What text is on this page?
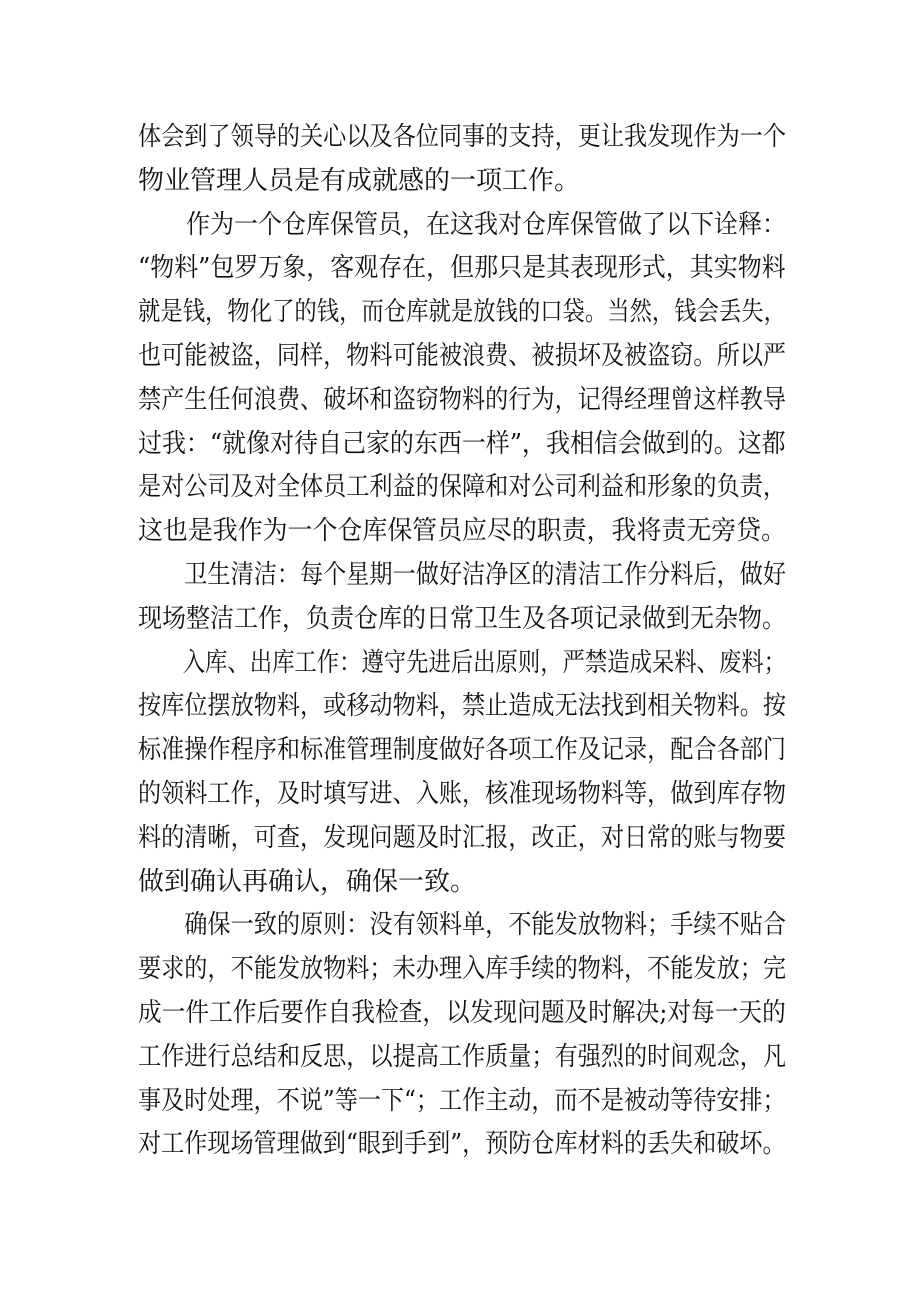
体会到了领导的关心以及各位同事的支持，更让我发现作为一个
物业管理人员是有成就感的一项工作。
作为一个仓库保管员，在这我对仓库保管做了以下诠释：
“物料”包罗万象，客观存在，但那只是其表现形式，其实物料
就是钱，物化了的钱，而仓库就是放钱的口袋。当然，钱会丢失，
也可能被盗，同样，物料可能被浪费、被损坏及被盗窃。所以严
禁产生任何浪费、破坏和盗窃物料的行为，记得经理曾这样教导
过我：“就像对待自己家的东西一样”，我相信会做到的。这都
是对公司及对全体员工利益的保障和对公司利益和形象的负责，
这也是我作为一个仓库保管员应尽的职责，我将责无旁贷。
卫生清洁：每个星期一做好洁净区的清洁工作分料后，做好
现场整洁工作，负责仓库的日常卫生及各项记录做到无杂物。
入库、出库工作：遵守先进后出原则，严禁造成呆料、废料；
按库位摆放物料，或移动物料，禁止造成无法找到相关物料。按
标准操作程序和标准管理制度做好各项工作及记录，配合各部门
的领料工作，及时填写进、入账，核准现场物料等，做到库存物
料的清晰，可查，发现问题及时汇报，改正，对日常的账与物要
做到确认再确认，确保一致。
确保一致的原则：没有领料单，不能发放物料；手续不贴合
要求的，不能发放物料；未办理入库手续的物料，不能发放；完
成一件工作后要作自我检查，以发现问题及时解决;对每一天的
工作进行总结和反思，以提高工作质量；有强烈的时间观念，凡
事及时处理，不说”等一下“；工作主动，而不是被动等待安排；
对工作现场管理做到“眼到手到”，预防仓库材料的丢失和破坏。
